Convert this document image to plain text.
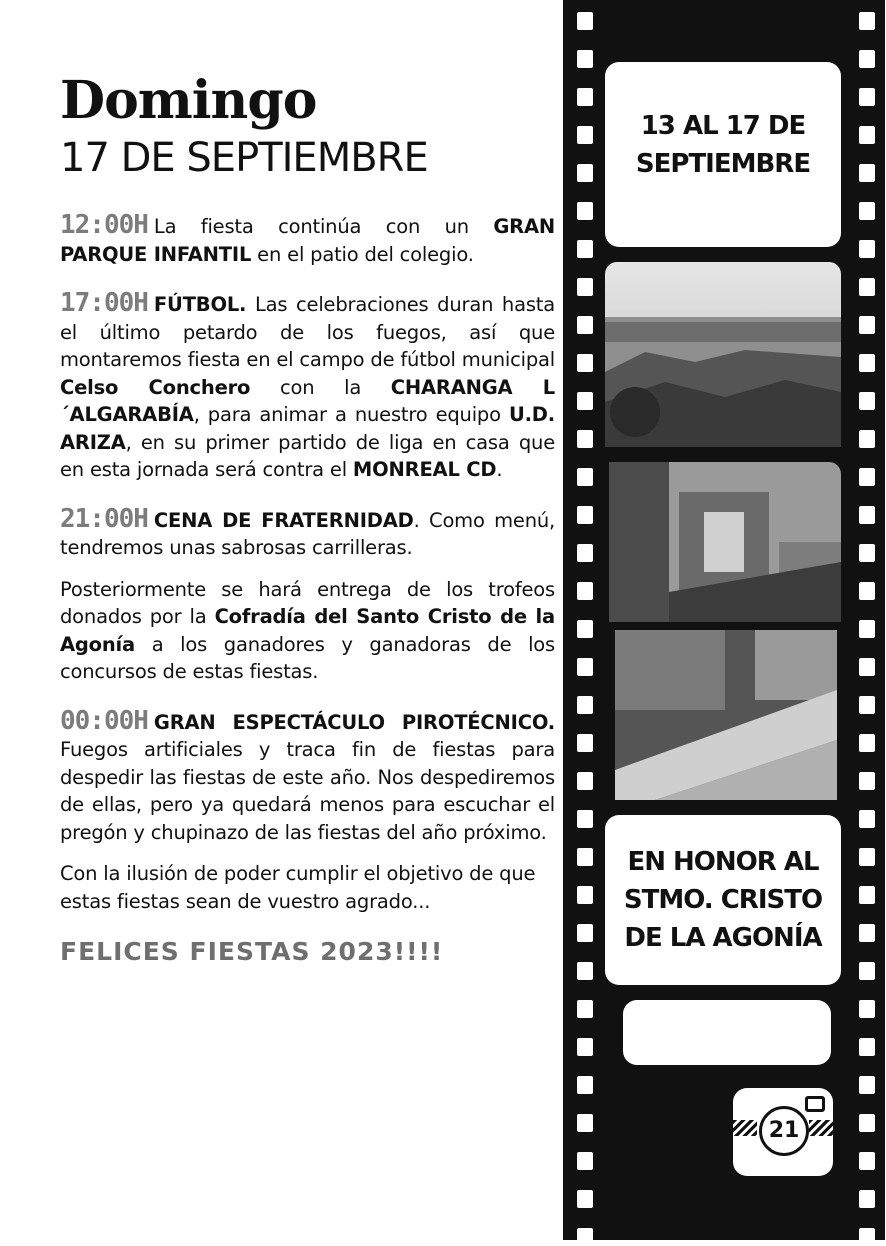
Domingo
17 DE SEPTIEMBRE

12:00H La fiesta continúa con un GRAN PARQUE INFANTIL en el patio del colegio.

17:00H FÚTBOL. Las celebraciones duran hasta el último petardo de los fuegos, así que montaremos fiesta en el campo de fútbol municipal Celso Conchero con la CHARANGA L´ALGARABÍA, para animar a nuestro equipo U.D. ARIZA, en su primer partido de liga en casa que en esta jornada será contra el MONREAL CD.

21:00H CENA DE FRATERNIDAD. Como menú, tendremos unas sabrosas carrilleras.

Posteriormente se hará entrega de los trofeos donados por la Cofradía del Santo Cristo de la Agonía a los ganadores y ganadoras de los concursos de estas fiestas.

00:00H GRAN ESPECTÁCULO PIROTÉCNICO. Fuegos artificiales y traca fin de fiestas para despedir las fiestas de este año. Nos despediremos de ellas, pero ya quedará menos para escuchar el pregón y chupinazo de las fiestas del año próximo.

Con la ilusión de poder cumplir el objetivo de que estas fiestas sean de vuestro agrado...

FELICES FIESTAS 2023!!!!
13 AL 17 DE
SEPTIEMBRE
EN HONOR AL
STMO. CRISTO
DE LA AGONÍA
21
